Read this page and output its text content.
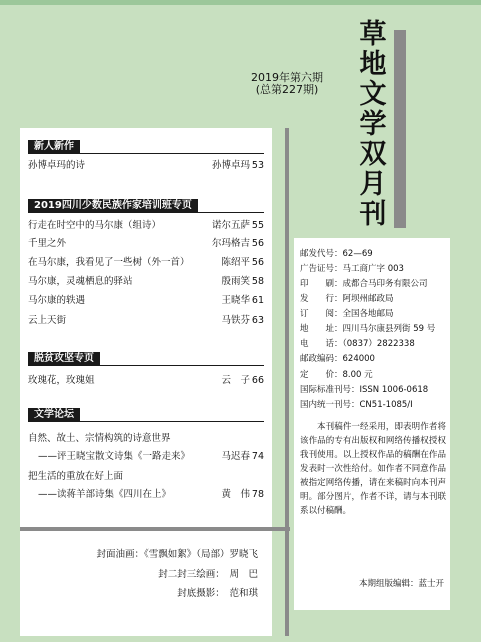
草
地
文
学
双
月
刊
2019年第六期
(总第227期)
新人新作
孙博卓玛的诗	孙博卓玛 53
2019四川少数民族作家培训班专页
行走在时空中的马尔康（组诗）	诺尔五萨 55
千里之外	尔玛格吉 56
在马尔康，我看见了一些树（外一首）	陈绍平 56
马尔康，灵魂栖息的驿站	殷雨笑 58
马尔康的轶遇	王晓华 61
云上天街	马铁芬 63
脱贫攻坚专页
玫瑰花，玫瑰姐	云　子 66
文学论坛
自然、故土、宗情构筑的诗意世界
——评王晓宝散文诗集《一路走来》	马迟春 74
把生活的重放在好上面
——读蒋羊部诗集《四川在上》	黄　伟 78
封面油画：《雪飘如絮》（局部）罗晓飞
封二封三绘画：　周　巴
封底摄影：　范和琪
邮发代号：62—69
广告证号：马工商广字 003
印　　刷：成都合马印务有限公司
发　　行：阿坝州邮政局
订　　阅：全国各地邮局
地　　址：四川马尔康县列街 59 号
电　　话：（0837）2822338
邮政编码：624000
定　　价：8.00 元
国际标准刊号：ISSN 1006-0618
国内统一刊号：CN51-1085/I
本刊稿件一经采用，即表明作者将该作品的专有出版权和网络传播权授权我刊使用。以上授权作品的稿酬在作品发表时一次性给付。如作者不同意作品被指定网络传播，请在来稿时向本刊声明。部分图片，作者不详，请与本刊联系以付稿酬。
本期组版编辑：蓝士开
